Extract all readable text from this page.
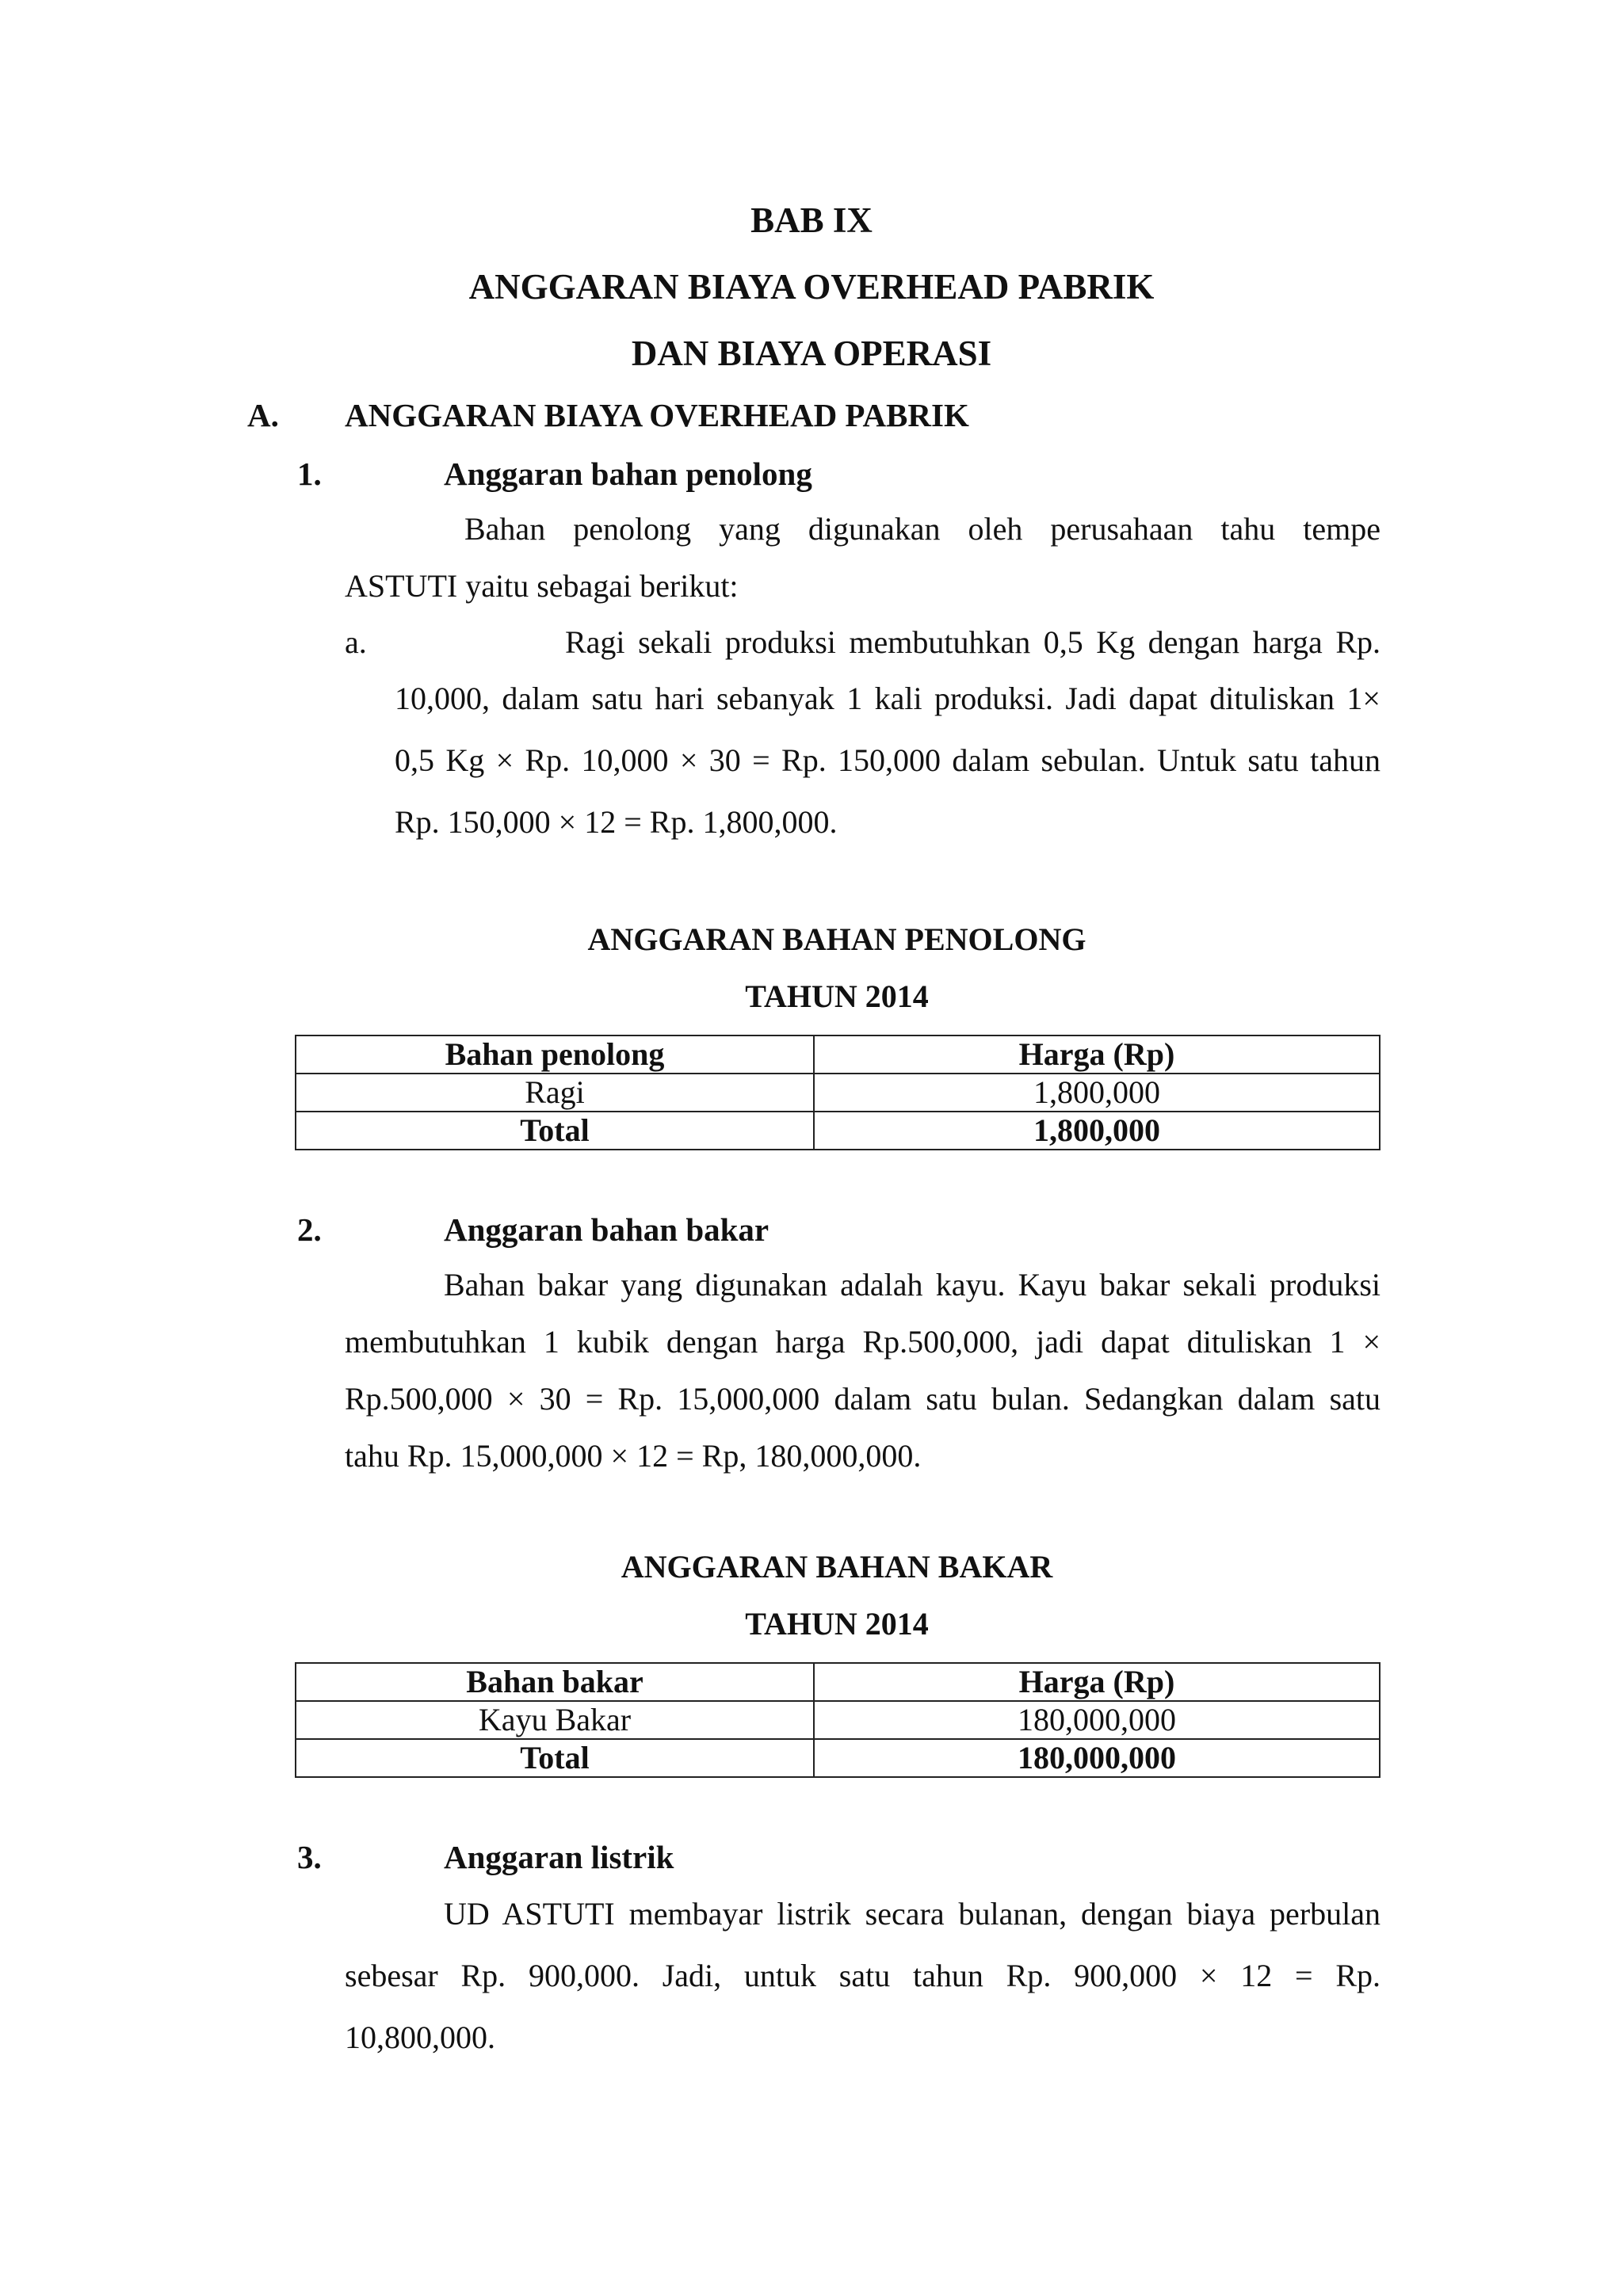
BAB IX
ANGGARAN BIAYA OVERHEAD PABRIK
DAN BIAYA OPERASI
A. ANGGARAN BIAYA OVERHEAD PABRIK
1.	Anggaran bahan penolong
Bahan penolong yang digunakan oleh perusahaan tahu tempe
ASTUTI yaitu sebagai berikut:
a.	Ragi sekali produksi membutuhkan 0,5 Kg dengan harga Rp.
10,000, dalam satu hari sebanyak 1 kali produksi. Jadi dapat dituliskan 1×
0,5 Kg × Rp. 10,000 × 30 = Rp. 150,000 dalam sebulan. Untuk satu tahun
Rp. 150,000 × 12 = Rp. 1,800,000.
ANGGARAN BAHAN PENOLONG
TAHUN 2014
Bahan penolong	Harga (Rp)
Ragi	1,800,000
Total	1,800,000
2.	Anggaran bahan bakar
Bahan bakar yang digunakan adalah kayu. Kayu bakar sekali produksi
membutuhkan 1 kubik dengan harga Rp.500,000, jadi dapat dituliskan 1 ×
Rp.500,000 × 30 = Rp. 15,000,000 dalam satu bulan. Sedangkan dalam satu
tahu Rp. 15,000,000 × 12 = Rp, 180,000,000.
ANGGARAN BAHAN BAKAR
TAHUN 2014
Bahan bakar	Harga (Rp)
Kayu Bakar	180,000,000
Total	180,000,000
3.	Anggaran listrik
UD ASTUTI membayar listrik secara bulanan, dengan biaya perbulan
sebesar Rp. 900,000. Jadi, untuk satu tahun Rp. 900,000 × 12 = Rp.
10,800,000.
